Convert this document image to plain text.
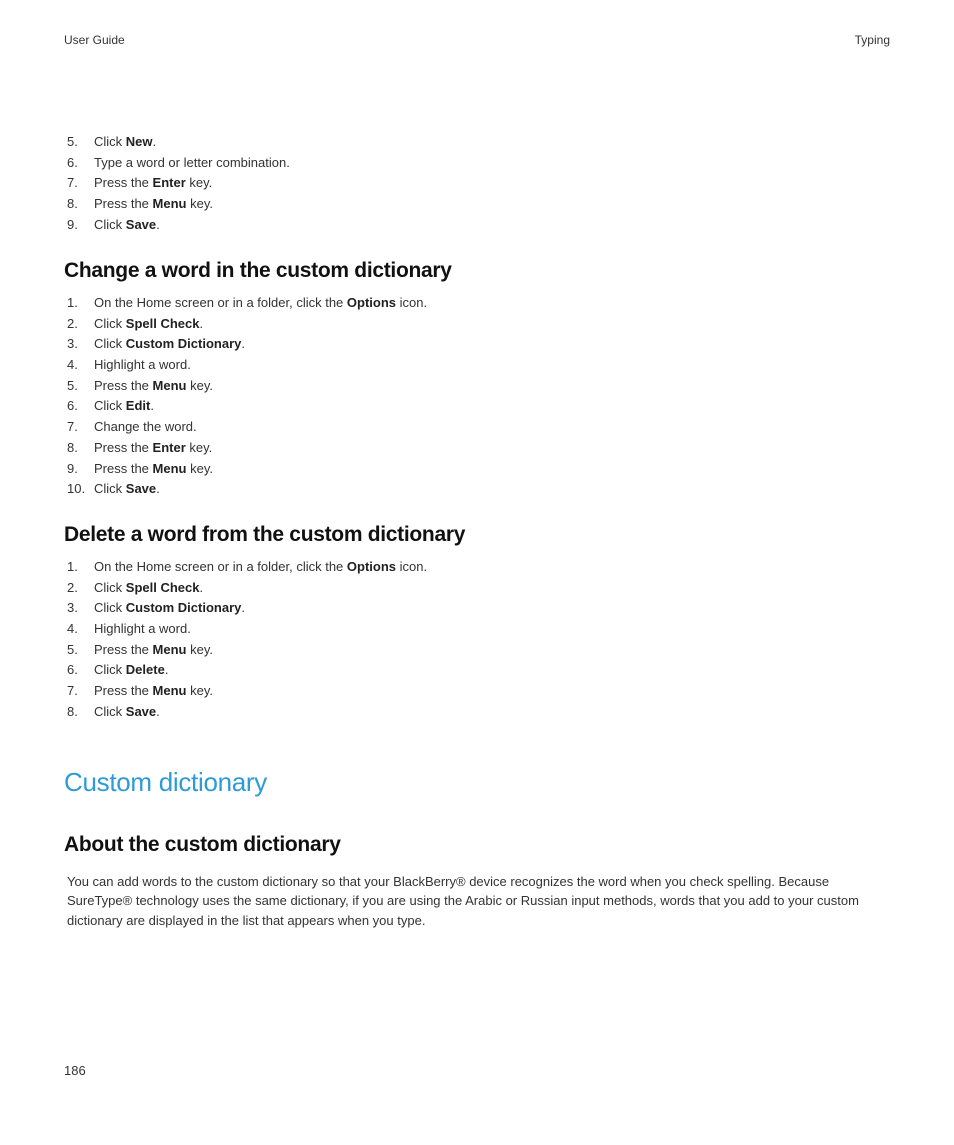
User Guide	Typing
5.	Click New.
6.	Type a word or letter combination.
7.	Press the Enter key.
8.	Press the Menu key.
9.	Click Save.
Change a word in the custom dictionary
1.	On the Home screen or in a folder, click the Options icon.
2.	Click Spell Check.
3.	Click Custom Dictionary.
4.	Highlight a word.
5.	Press the Menu key.
6.	Click Edit.
7.	Change the word.
8.	Press the Enter key.
9.	Press the Menu key.
10. Click Save.
Delete a word from the custom dictionary
1.	On the Home screen or in a folder, click the Options icon.
2.	Click Spell Check.
3.	Click Custom Dictionary.
4.	Highlight a word.
5.	Press the Menu key.
6.	Click Delete.
7.	Press the Menu key.
8.	Click Save.
Custom dictionary
About the custom dictionary

You can add words to the custom dictionary so that your BlackBerry® device recognizes the word when you check spelling. Because SureType® technology uses the same dictionary, if you are using the Arabic or Russian input methods, words that you add to your custom dictionary are displayed in the list that appears when you type.

186
